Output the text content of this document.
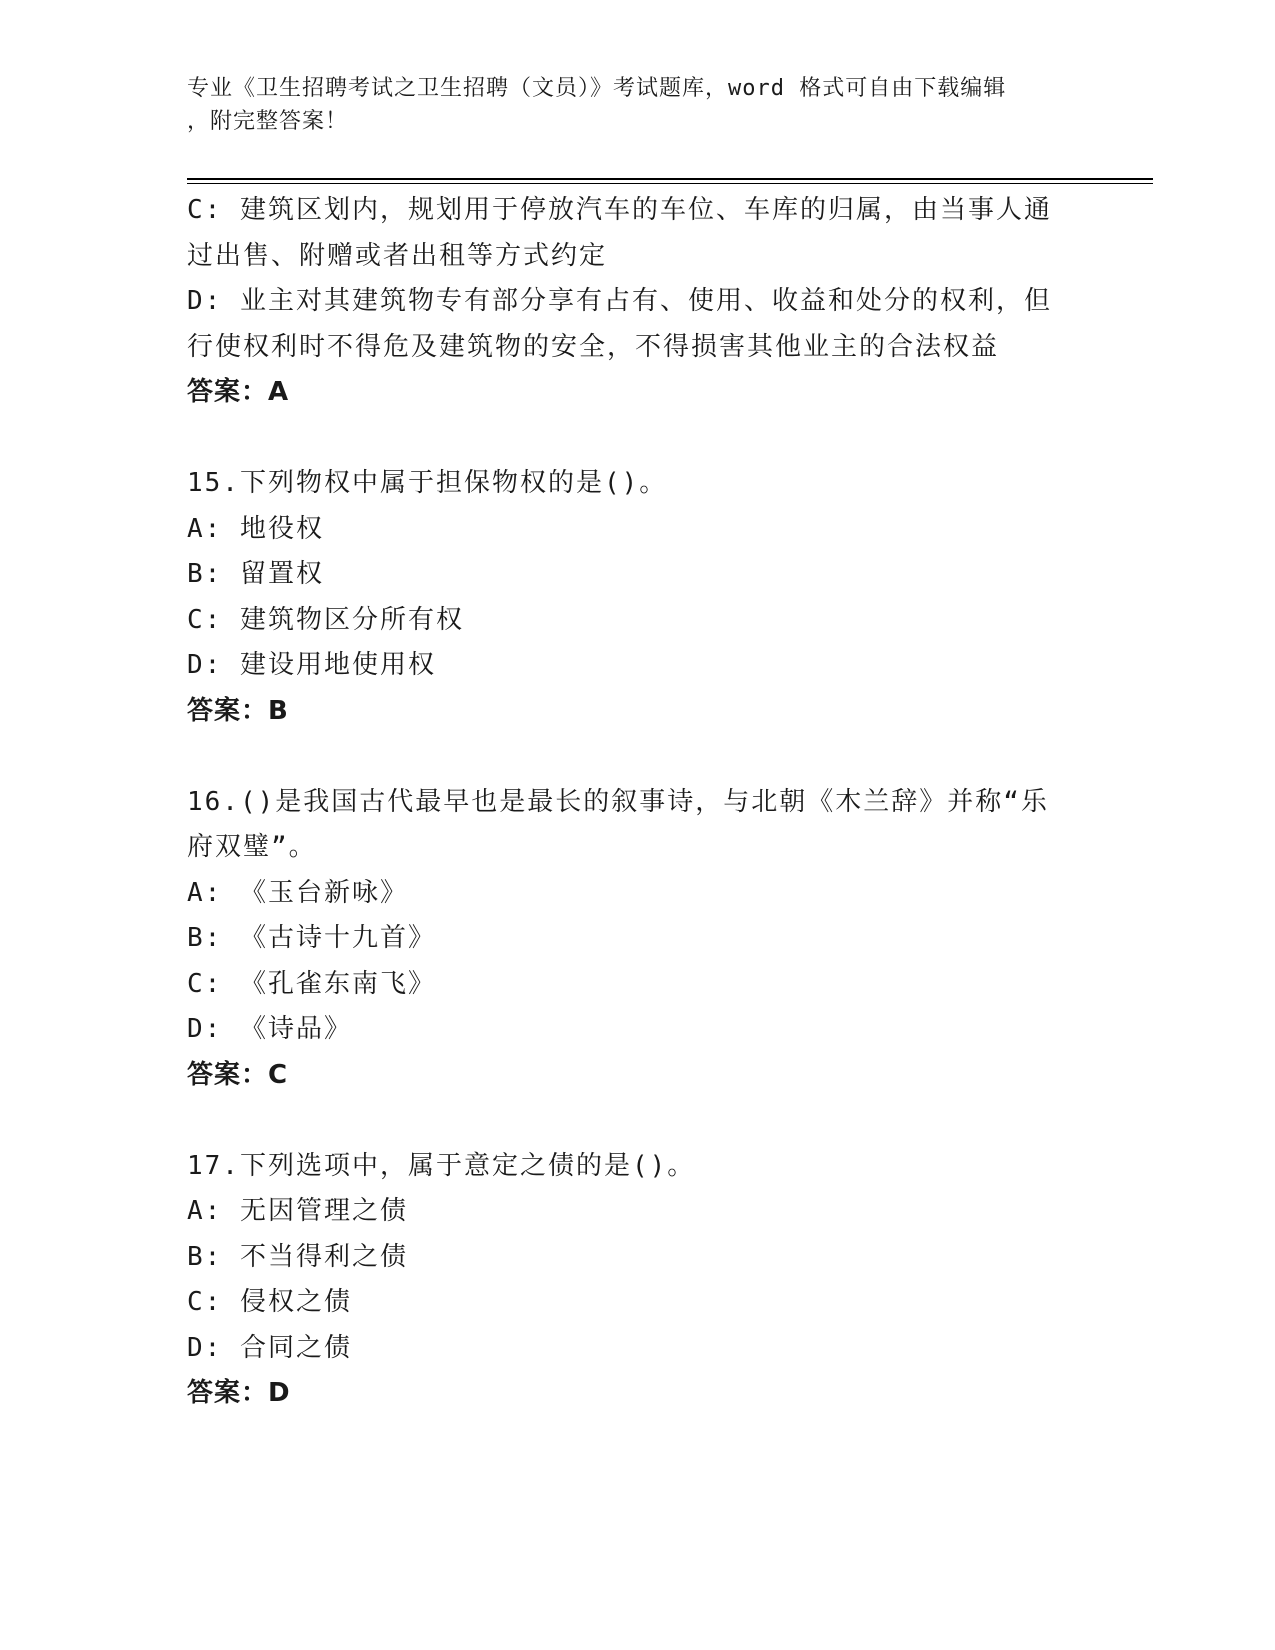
专业《卫生招聘考试之卫生招聘（文员）》考试题库，word 格式可自由下载编辑
，附完整答案！
C: 建筑区划内，规划用于停放汽车的车位、车库的归属，由当事人通
过出售、附赠或者出租等方式约定
D: 业主对其建筑物专有部分享有占有、使用、收益和处分的权利，但
行使权利时不得危及建筑物的安全，不得损害其他业主的合法权益
答案：A
15.下列物权中属于担保物权的是()。
A: 地役权
B: 留置权
C: 建筑物区分所有权
D: 建设用地使用权
答案：B
16.()是我国古代最早也是最长的叙事诗，与北朝《木兰辞》并称“乐
府双璧”。
A: 《玉台新咏》
B: 《古诗十九首》
C: 《孔雀东南飞》
D: 《诗品》
答案：C
17.下列选项中，属于意定之债的是()。
A: 无因管理之债
B: 不当得利之债
C: 侵权之债
D: 合同之债
答案：D
